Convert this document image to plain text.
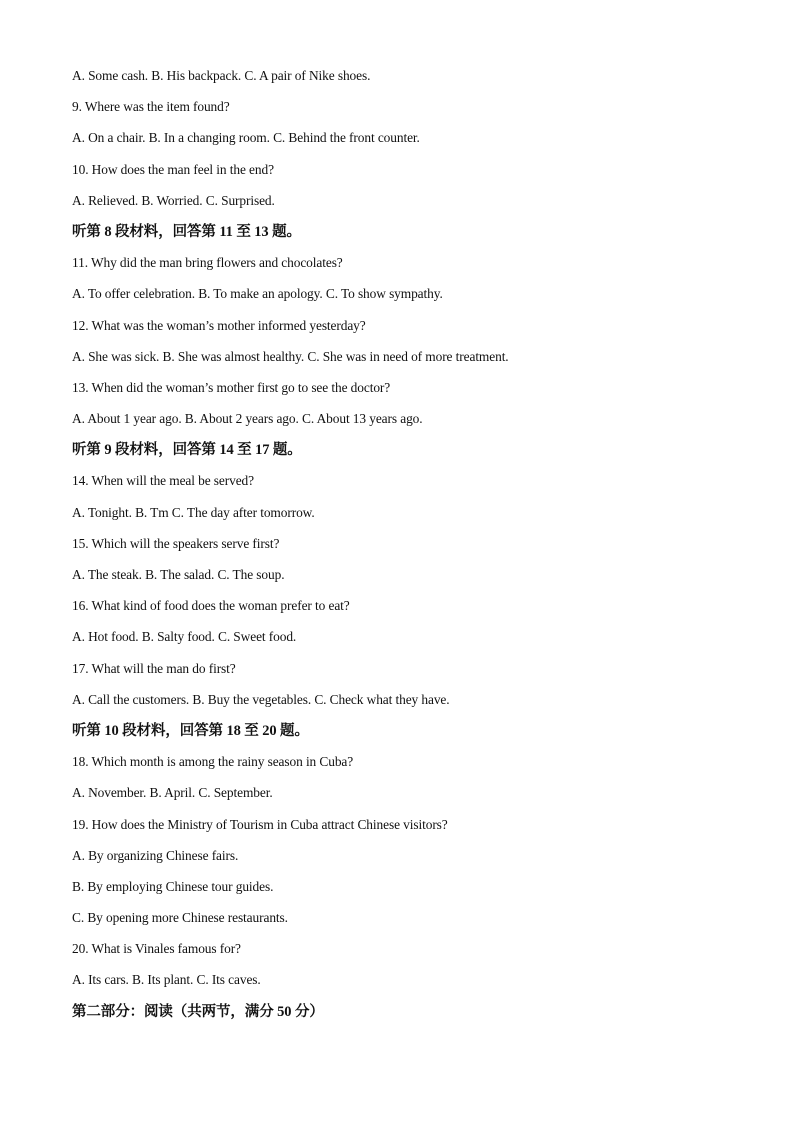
A. Some cash. B. His backpack. C. A pair of Nike shoes.
9. Where was the item found?
A. On a chair. B. In a changing room. C. Behind the front counter.
10. How does the man feel in the end?
A. Relieved. B. Worried. C. Surprised.
听第 8 段材料，回答第 11 至 13 题。
11. Why did the man bring flowers and chocolates?
A. To offer celebration. B. To make an apology. C. To show sympathy.
12. What was the woman’s mother informed yesterday?
A. She was sick. B. She was almost healthy. C. She was in need of more treatment.
13. When did the woman’s mother first go to see the doctor?
A. About 1 year ago. B. About 2 years ago. C. About 13 years ago.
听第 9 段材料，回答第 14 至 17 题。
14. When will the meal be served?
A. Tonight. B. Tm C. The day after tomorrow.
15. Which will the speakers serve first?
A. The steak. B. The salad. C. The soup.
16. What kind of food does the woman prefer to eat?
A. Hot food. B. Salty food. C. Sweet food.
17. What will the man do first?
A. Call the customers. B. Buy the vegetables. C. Check what they have.
听第 10 段材料，回答第 18 至 20 题。
18. Which month is among the rainy season in Cuba?
A. November. B. April. C. September.
19. How does the Ministry of Tourism in Cuba attract Chinese visitors?
A. By organizing Chinese fairs.
B. By employing Chinese tour guides.
C. By opening more Chinese restaurants.
20. What is Vinales famous for?
A. Its cars. B. Its plant. C. Its caves.
第二部分：阅读（共两节，满分 50 分）
